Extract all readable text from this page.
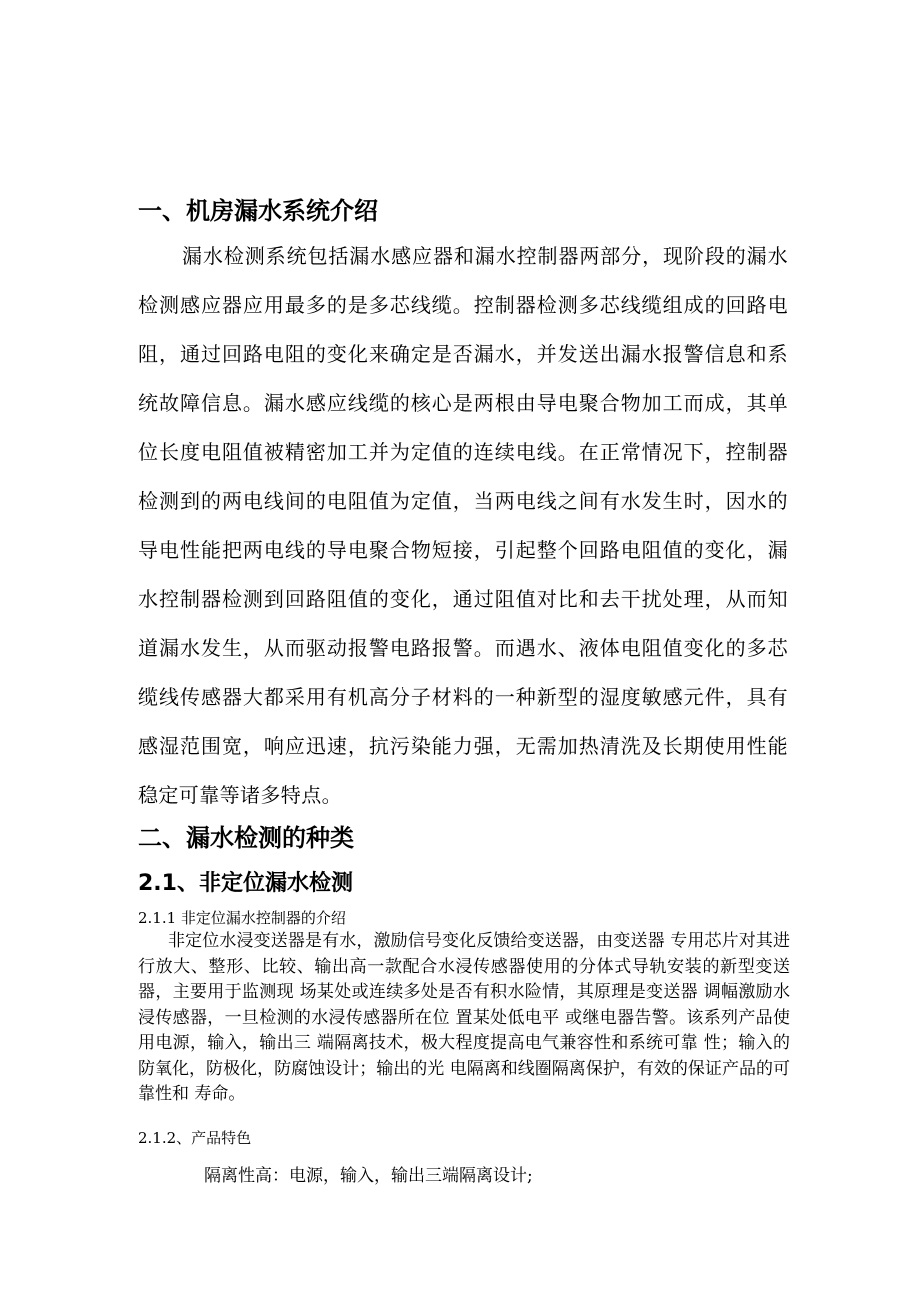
一、机房漏水系统介绍
漏水检测系统包括漏水感应器和漏水控制器两部分，现阶段的漏水检测感应器应用最多的是多芯线缆。控制器检测多芯线缆组成的回路电阻，通过回路电阻的变化来确定是否漏水，并发送出漏水报警信息和系统故障信息。漏水感应线缆的核心是两根由导电聚合物加工而成，其单位长度电阻值被精密加工并为定值的连续电线。在正常情况下，控制器检测到的两电线间的电阻值为定值，当两电线之间有水发生时，因水的导电性能把两电线的导电聚合物短接，引起整个回路电阻值的变化，漏水控制器检测到回路阻值的变化，通过阻值对比和去干扰处理，从而知道漏水发生，从而驱动报警电路报警。而遇水、液体电阻值变化的多芯缆线传感器大都采用有机高分子材料的一种新型的湿度敏感元件，具有感湿范围宽，响应迅速，抗污染能力强，无需加热清洗及长期使用性能稳定可靠等诸多特点。
二、漏水检测的种类
2.1、非定位漏水检测
2.1.1 非定位漏水控制器的介绍
非定位水浸变送器是有水，激励信号变化反馈给变送器，由变送器 专用芯片对其进行放大、整形、比较、输出高一款配合水浸传感器使用的分体式导轨安装的新型变送器，主要用于监测现 场某处或连续多处是否有积水险情，其原理是变送器 调幅激励水浸传感器，一旦检测的水浸传感器所在位 置某处低电平 或继电器告警。该系列产品使用电源，输入，输出三 端隔离技术，极大程度提高电气兼容性和系统可靠 性；输入的防氧化，防极化，防腐蚀设计；输出的光 电隔离和线圈隔离保护，有效的保证产品的可靠性和 寿命。
2.1.2、产品特色
隔离性高：电源，输入，输出三端隔离设计;
